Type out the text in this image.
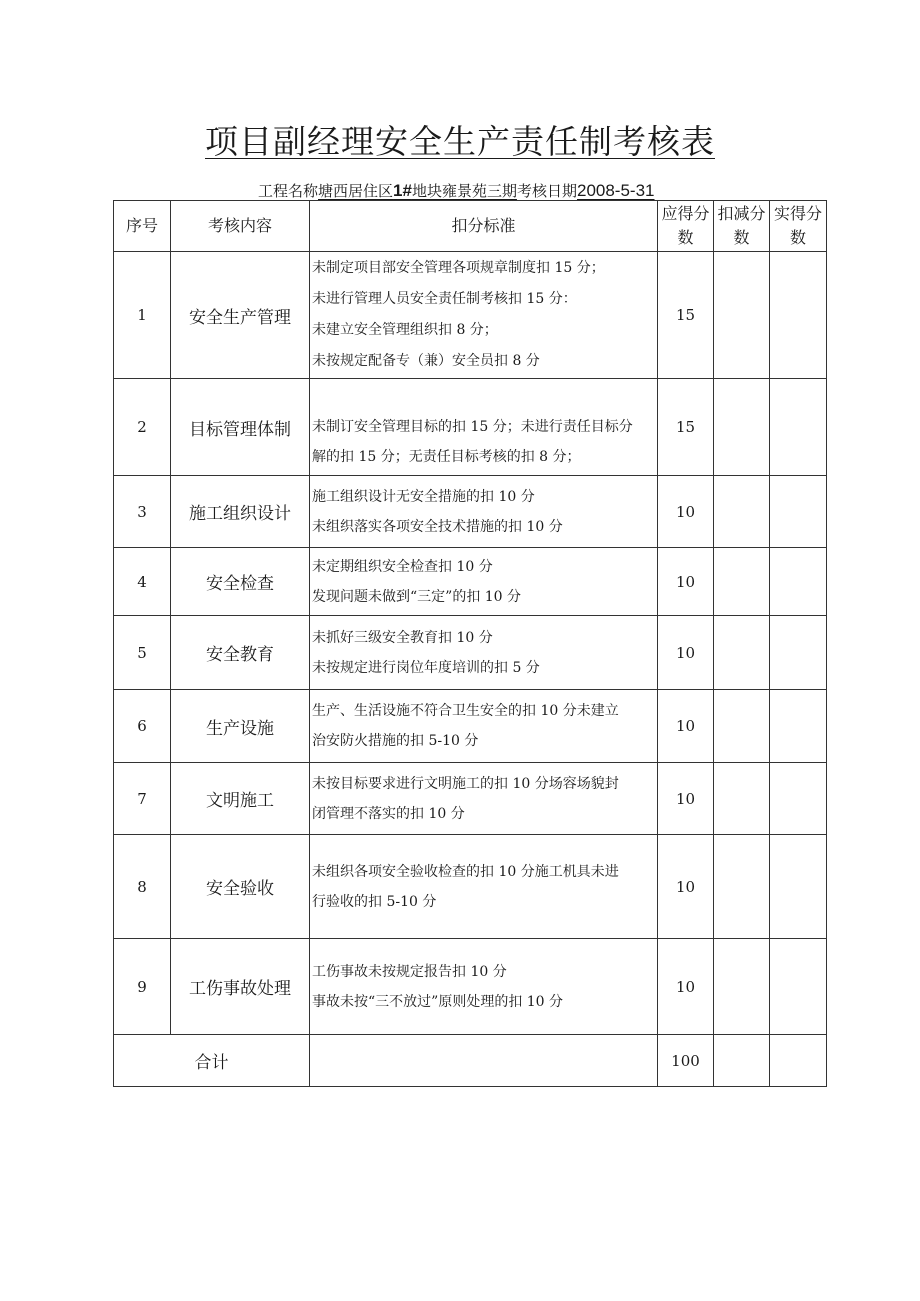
项目副经理安全生产责任制考核表
工程名称塘西居住区1#地块雍景苑三期考核日期2008-5-31
序号	考核内容	扣分标准	应得分数	扣减分数	实得分数
1	安全生产管理	未制定项目部安全管理各项规章制度扣 15 分；
未进行管理人员安全责任制考核扣 15 分：
未建立安全管理组织扣 8 分；
未按规定配备专（兼）安全员扣 8 分	15		
2	目标管理体制	未制订安全管理目标的扣 15 分；未进行责任目标分
解的扣 15 分；无责任目标考核的扣 8 分；	15		
3	施工组织设计	施工组织设计无安全措施的扣 10 分
未组织落实各项安全技术措施的扣 10 分	10		
4	安全检查	未定期组织安全检查扣 10 分
发现问题未做到“三定”的扣 10 分	10		
5	安全教育	未抓好三级安全教育扣 10 分
未按规定进行岗位年度培训的扣 5 分	10		
6	生产设施	生产、生活设施不符合卫生安全的扣 10 分未建立
治安防火措施的扣 5-10 分	10		
7	文明施工	未按目标要求进行文明施工的扣 10 分场容场貌封
闭管理不落实的扣 10 分	10		
8	安全验收	未组织各项安全验收检查的扣 10 分施工机具未进
行验收的扣 5-10 分	10		
9	工伤事故处理	工伤事故未按规定报告扣 10 分
事故未按“三不放过”原则处理的扣 10 分	10		
合计			100		
